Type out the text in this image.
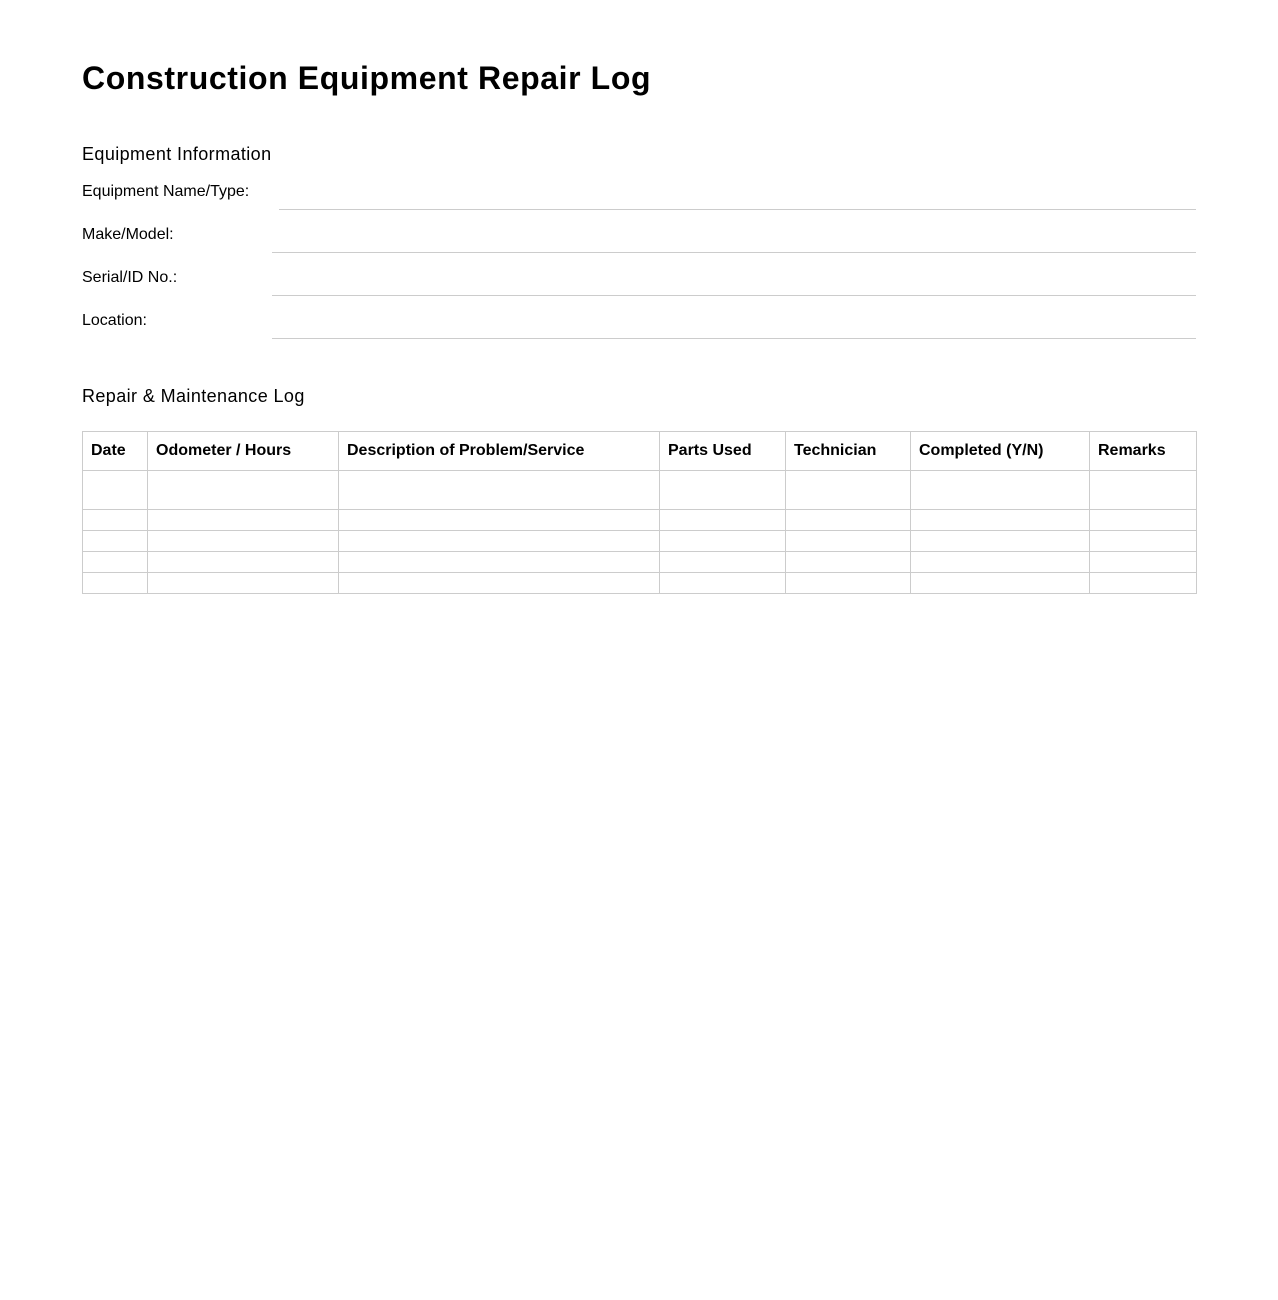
Construction Equipment Repair Log
Equipment Information
Equipment Name/Type:
Make/Model:
Serial/ID No.:
Location:
Repair & Maintenance Log
Date	Odometer / Hours	Description of Problem/Service	Parts Used	Technician	Completed (Y/N)	Remarks
